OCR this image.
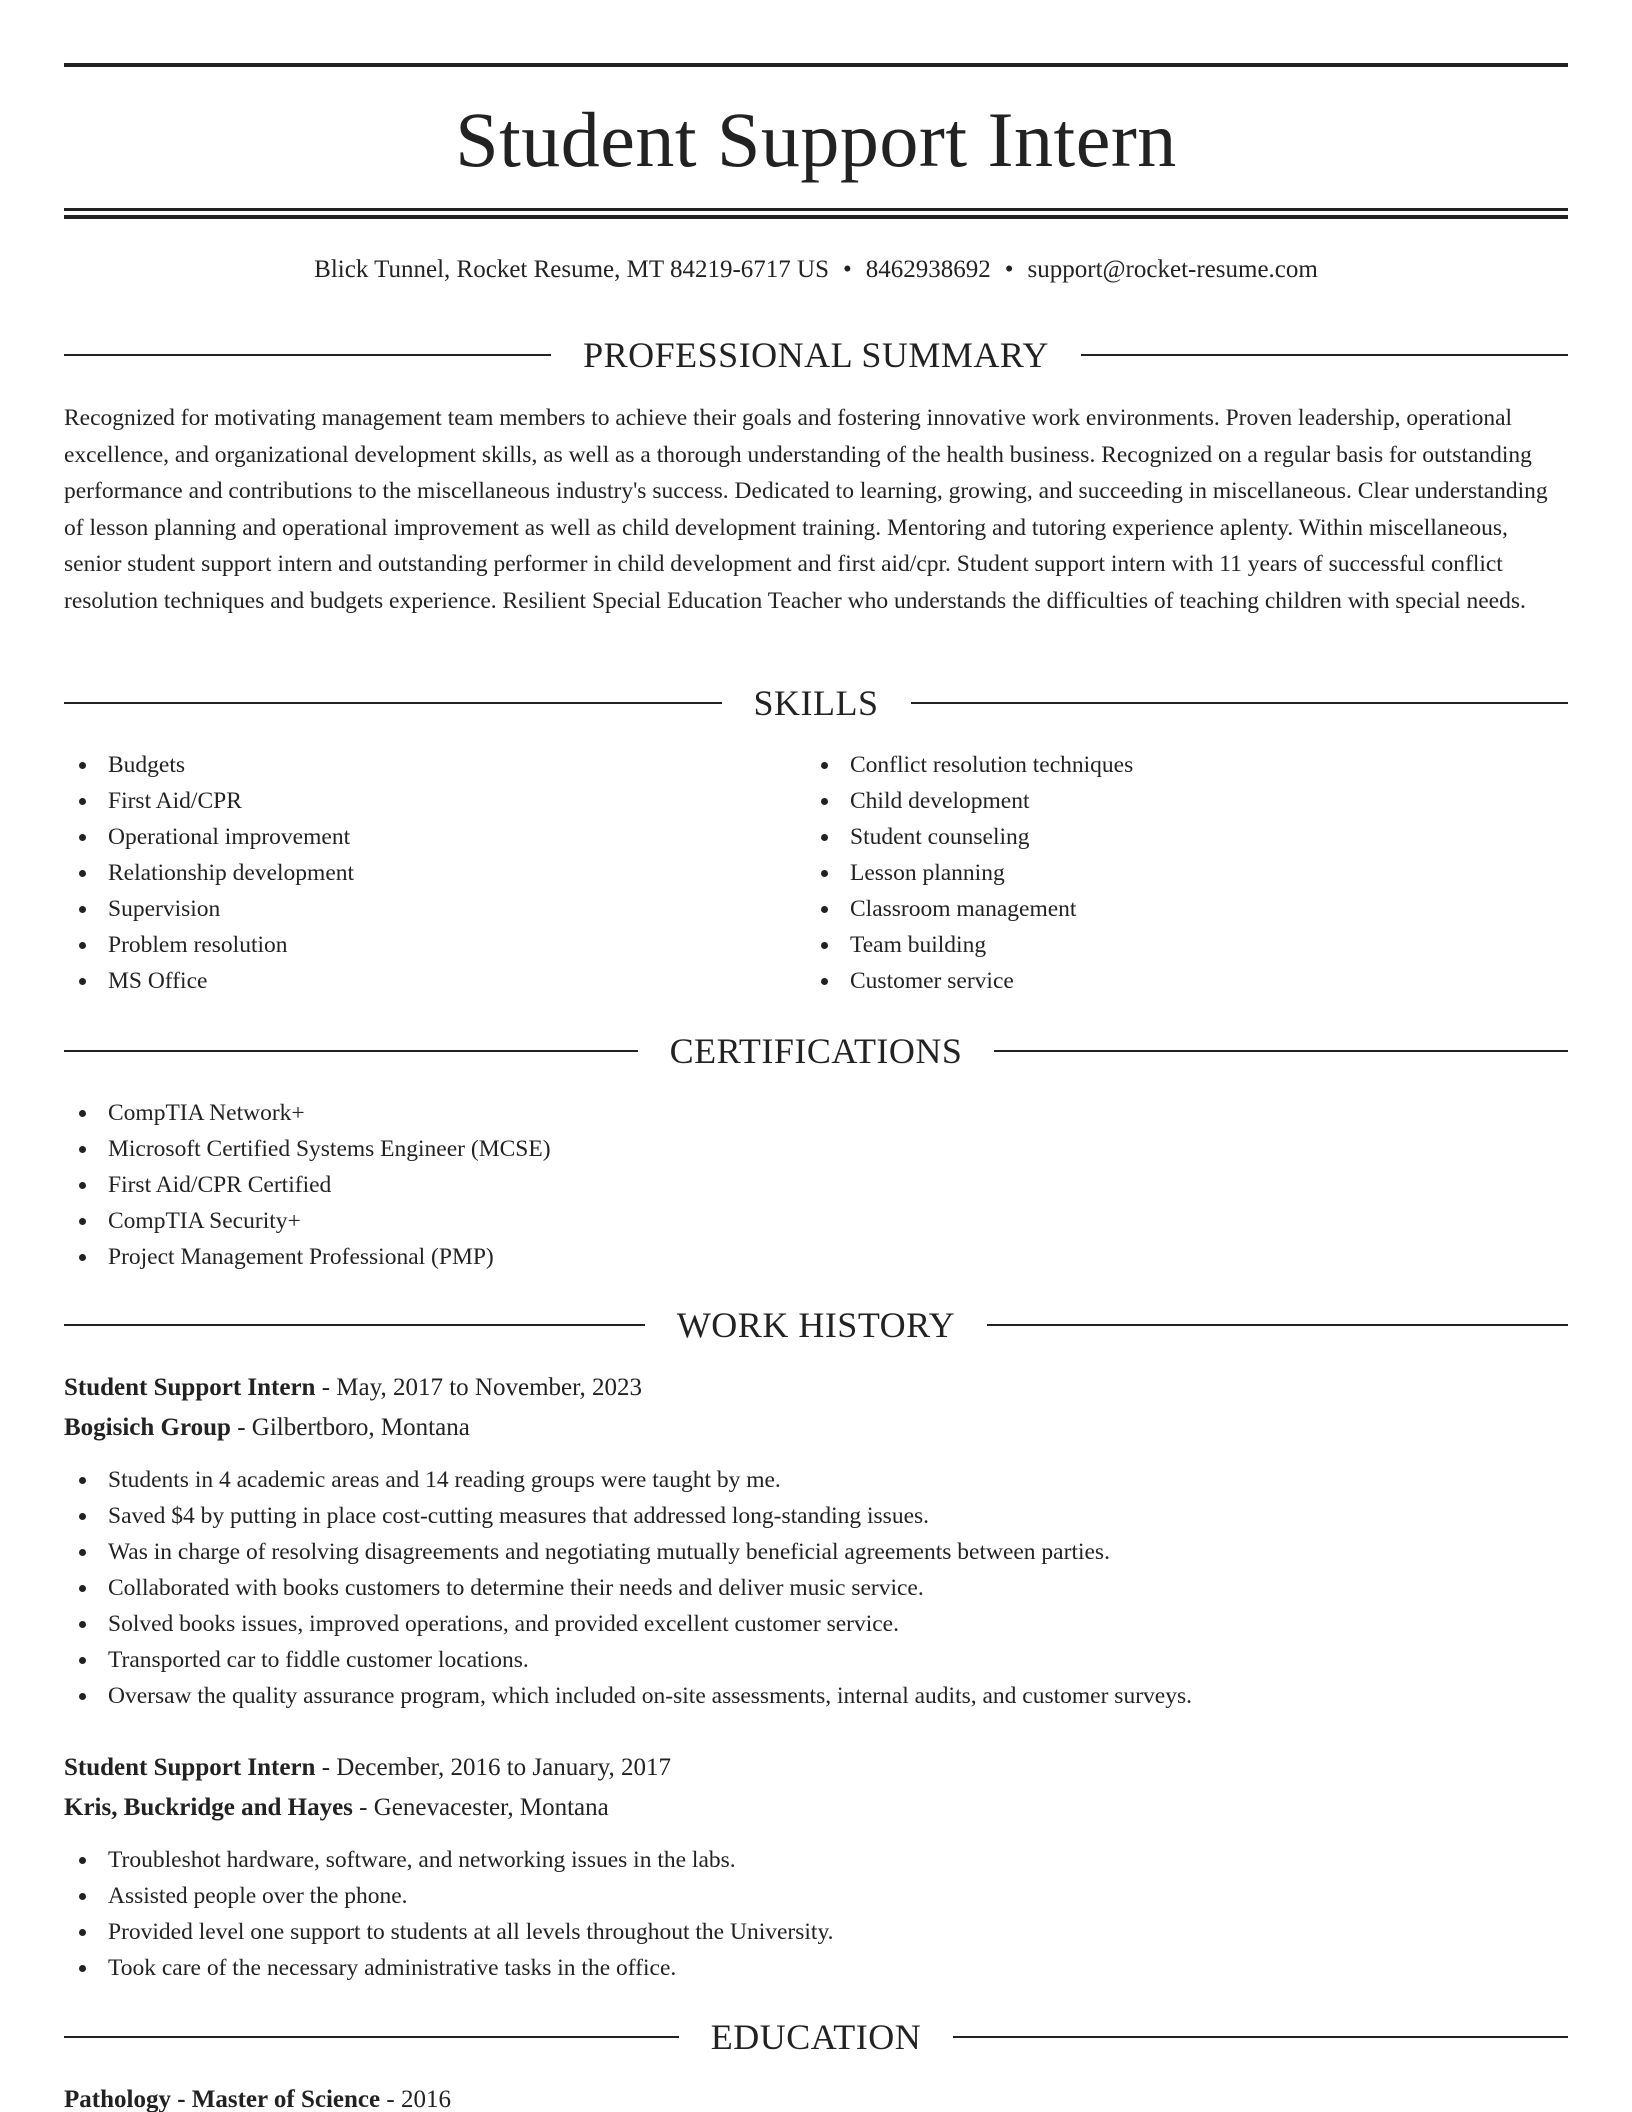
Student Support Intern
Blick Tunnel, Rocket Resume, MT 84219-6717 US • 8462938692 • support@rocket-resume.com
PROFESSIONAL SUMMARY

Recognized for motivating management team members to achieve their goals and fostering innovative work environments. Proven leadership, operational excellence, and organizational development skills, as well as a thorough understanding of the health business. Recognized on a regular basis for outstanding performance and contributions to the miscellaneous industry's success. Dedicated to learning, growing, and succeeding in miscellaneous. Clear understanding of lesson planning and operational improvement as well as child development training. Mentoring and tutoring experience aplenty. Within miscellaneous, senior student support intern and outstanding performer in child development and first aid/cpr. Student support intern with 11 years of successful conflict resolution techniques and budgets experience. Resilient Special Education Teacher who understands the difficulties of teaching children with special needs.

SKILLS
Budgets
First Aid/CPR
Operational improvement
Relationship development
Supervision
Problem resolution
MS Office
Conflict resolution techniques
Child development
Student counseling
Lesson planning
Classroom management
Team building
Customer service
CERTIFICATIONS
CompTIA Network+
Microsoft Certified Systems Engineer (MCSE)
First Aid/CPR Certified
CompTIA Security+
Project Management Professional (PMP)
WORK HISTORY
Student Support Intern - May, 2017 to November, 2023
Bogisich Group - Gilbertboro, Montana
Students in 4 academic areas and 14 reading groups were taught by me.
Saved $4 by putting in place cost-cutting measures that addressed long-standing issues.
Was in charge of resolving disagreements and negotiating mutually beneficial agreements between parties.
Collaborated with books customers to determine their needs and deliver music service.
Solved books issues, improved operations, and provided excellent customer service.
Transported car to fiddle customer locations.
Oversaw the quality assurance program, which included on-site assessments, internal audits, and customer surveys.
Student Support Intern - December, 2016 to January, 2017
Kris, Buckridge and Hayes - Genevacester, Montana
Troubleshot hardware, software, and networking issues in the labs.
Assisted people over the phone.
Provided level one support to students at all levels throughout the University.
Took care of the necessary administrative tasks in the office.
EDUCATION
Pathology - Master of Science - 2016
